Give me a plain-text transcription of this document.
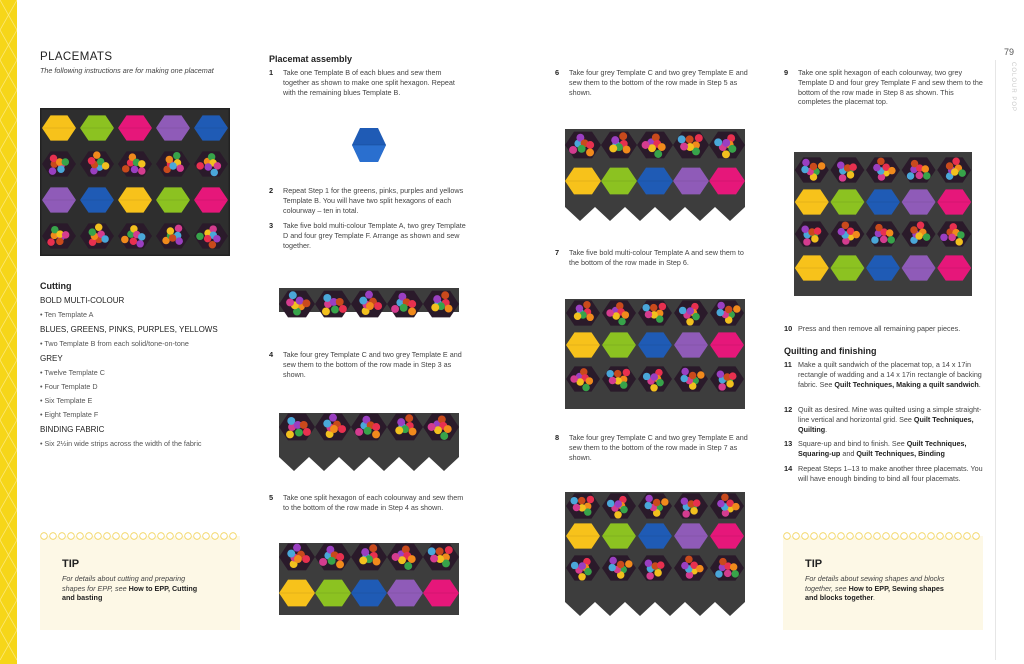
79
COLOUR POP
PLACEMATS
The following instructions are for making one placemat
Cutting
BOLD MULTI-COLOUR
• Ten Template A
BLUES, GREENS, PINKS, PURPLES, YELLOWS
• Two Template B from each solid/tone-on-tone
GREY
• Twelve Template C
• Four Template D
• Six Template E
• Eight Template F
BINDING FABRIC
• Six 2½in wide strips across the width of the fabric
TIP
For details about cutting and preparing shapes for EPP, see How to EPP, Cutting and basting
Placemat assembly
1 Take one Template B of each blues and sew them together as shown to make one split hexagon. Repeat with the remaining blues Template B.
2 Repeat Step 1 for the greens, pinks, purples and yellows Template B. You will have two split hexagons of each colourway – ten in total.
3 Take five bold multi-colour Template A, two grey Template D and four grey Template F. Arrange as shown and sew together.
4 Take four grey Template C and two grey Template E and sew them to the bottom of the row made in Step 3 as shown.
5 Take one split hexagon of each colourway and sew them to the bottom of the row made in Step 4 as shown.
6 Take four grey Template C and two grey Template E and sew them to the bottom of the row made in Step 5 as shown.
7 Take five bold multi-colour Template A and sew them to the bottom of the row made in Step 6.
8 Take four grey Template C and two grey Template E and sew them to the bottom of the row made in Step 7 as shown.
9 Take one split hexagon of each colourway, two grey Template D and four grey Template F and sew them to the bottom of the row made in Step 8 as shown. This completes the placemat top.
10 Press and then remove all remaining paper pieces.
Quilting and finishing
11 Make a quilt sandwich of the placemat top, a 14 x 17in rectangle of wadding and a 14 x 17in rectangle of backing fabric. See Quilt Techniques, Making a quilt sandwich.
12 Quilt as desired. Mine was quilted using a simple straight-line vertical and horizontal grid. See Quilt Techniques, Quilting.
13 Square-up and bind to finish. See Quilt Techniques, Squaring-up and Quilt Techniques, Binding
14 Repeat Steps 1–13 to make another three placemats. You will have enough binding to bind all four placemats.
TIP
For details about sewing shapes and blocks together, see How to EPP, Sewing shapes and blocks together.
